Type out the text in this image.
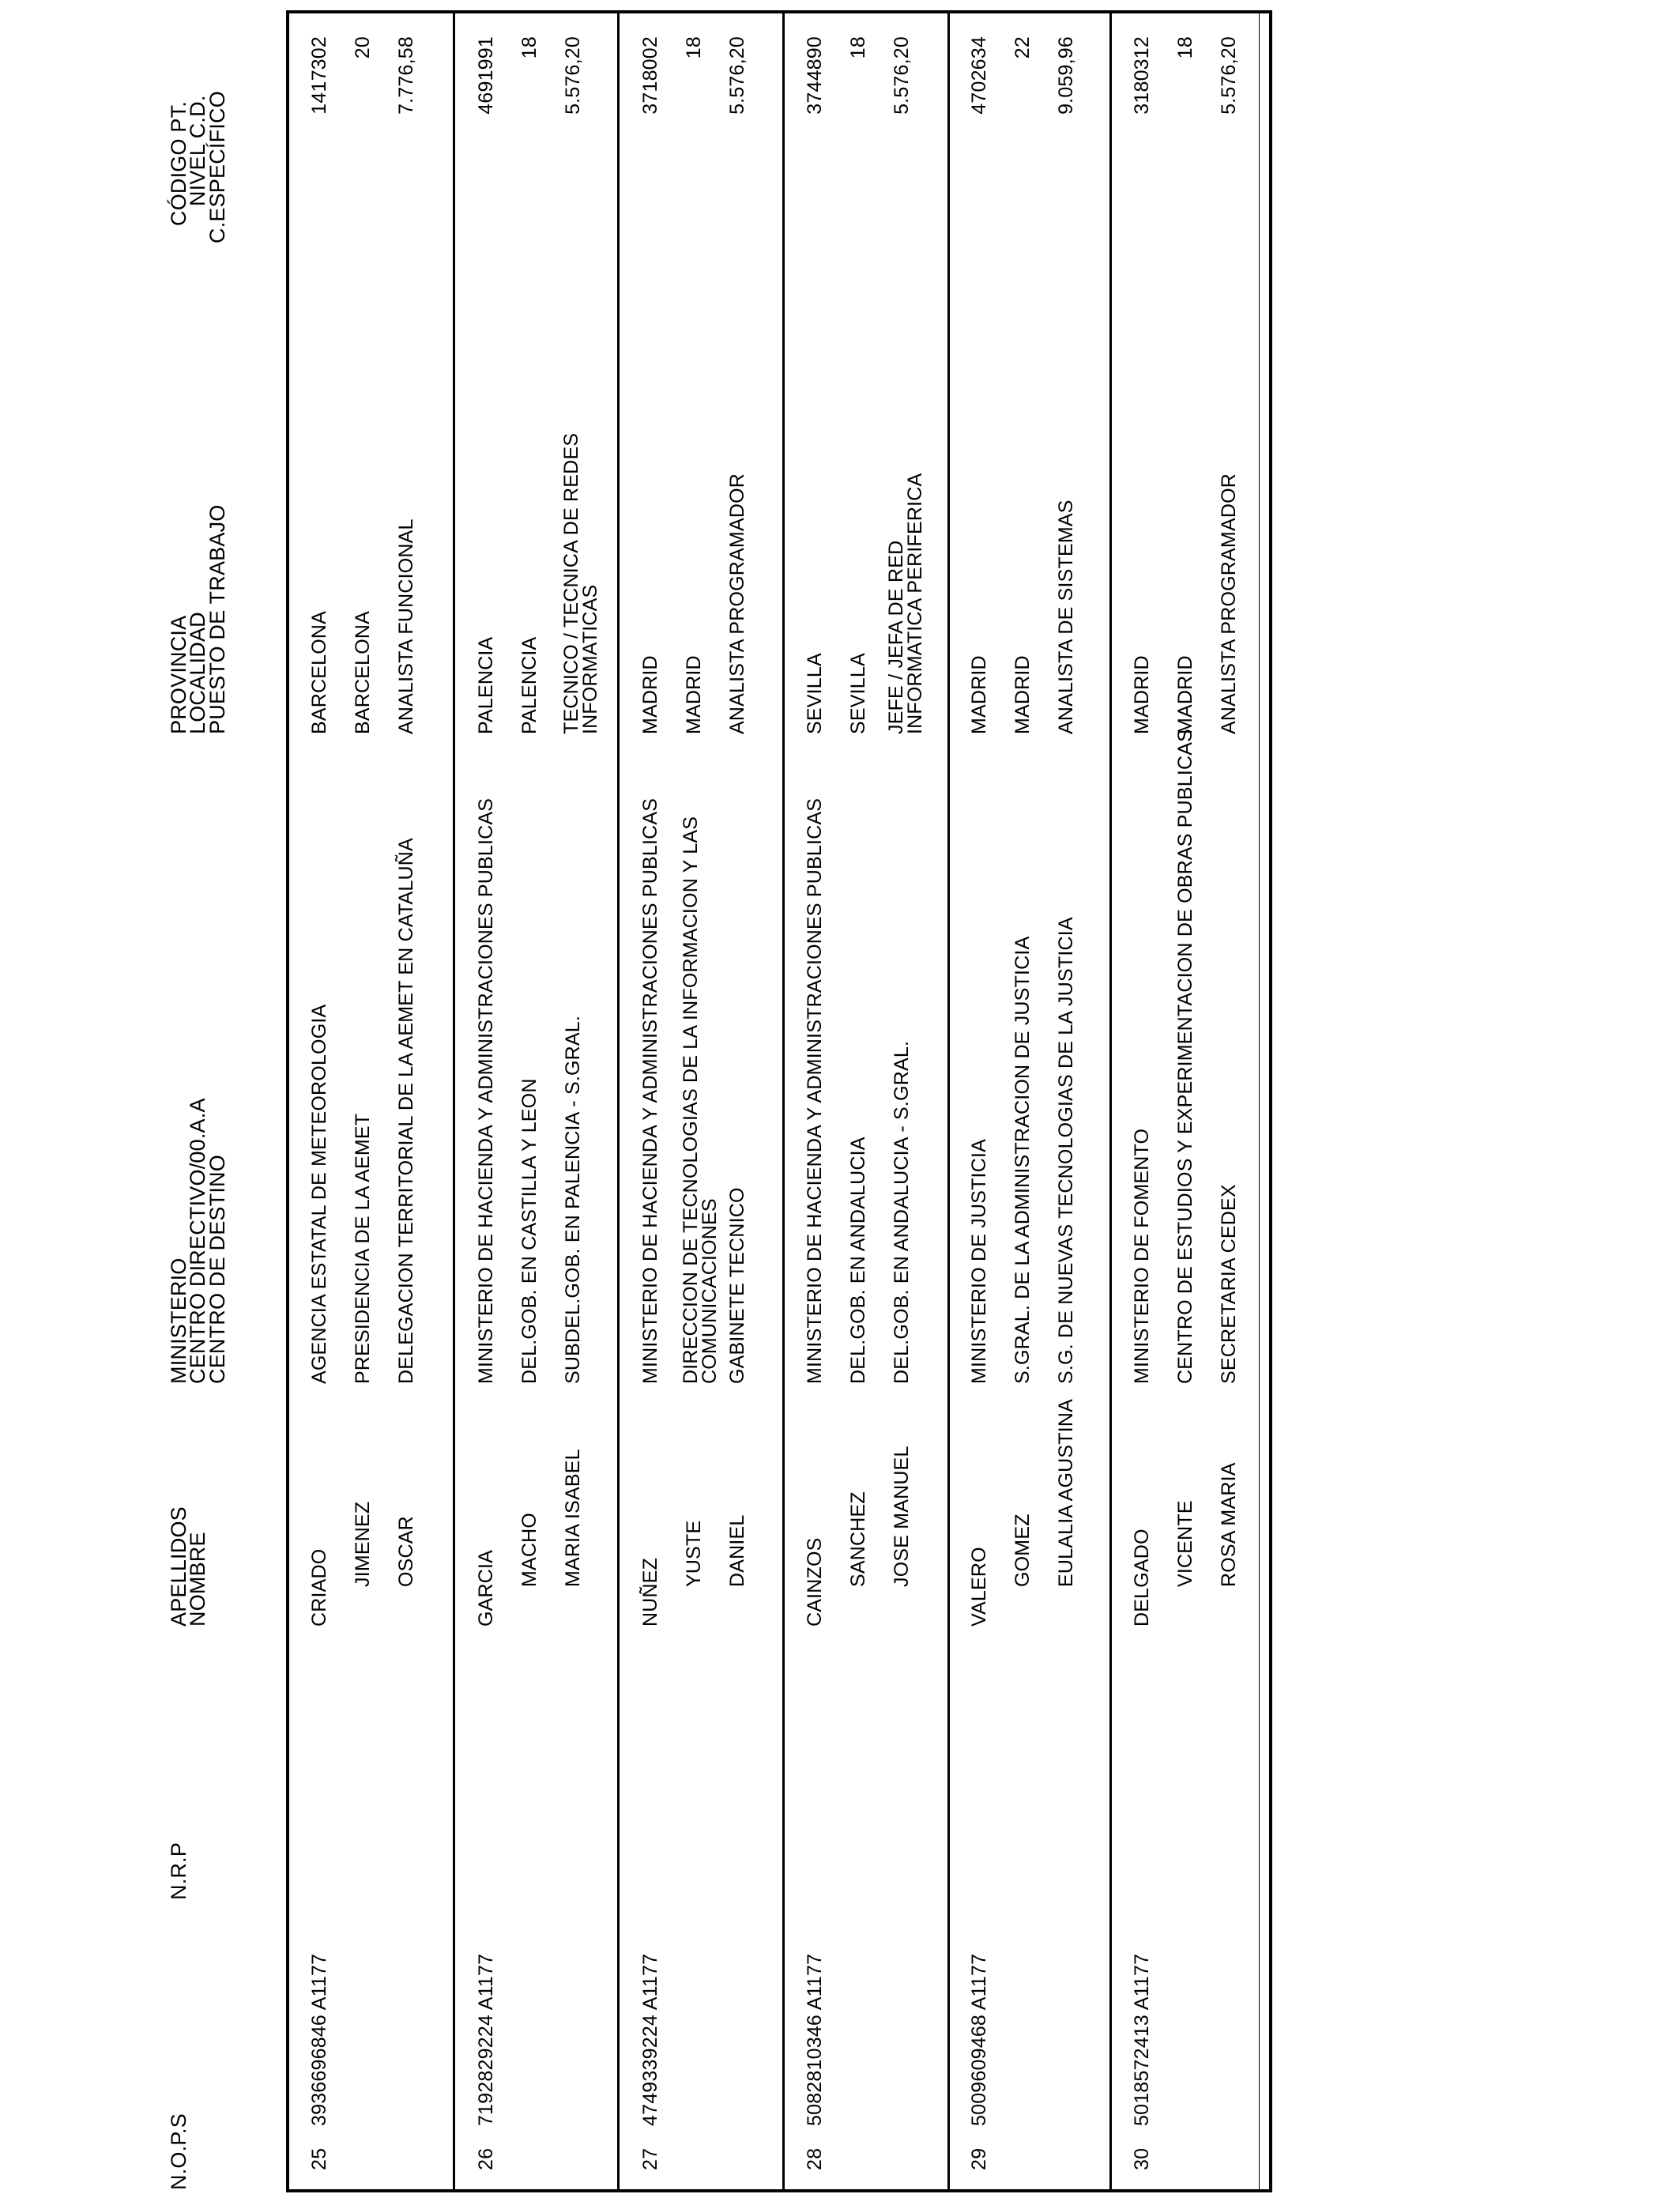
N.O.P.S
N.R.P
APELLIDOS
NOMBRE
MINISTERIO
CENTRO DIRECTIVO/00.A.A
CENTRO DE DESTINO
PROVINCIA
LOCALIDAD
PUESTO DE TRABAJO
CÓDIGO PT.
NIVEL C.D.
C.ESPECÍFICO
25
3936696846 A1177
CRIADO
JIMENEZ OSCAR
AGENCIA ESTATAL DE METEOROLOGIA PRESIDENCIA DE LA AEMET DELEGACION TERRITORIAL DE LA AEMET EN CATALUÑA
BARCELONA BARCELONA ANALISTA FUNCIONAL
1417302 20 7.776,58
26
7192829224 A1177
GARCIA MACHO MARIA ISABEL
MINISTERIO DE HACIENDA Y ADMINISTRACIONES PUBLICAS DEL.GOB. EN CASTILLA Y LEON SUBDEL.GOB. EN PALENCIA - S.GRAL.
PALENCIA PALENCIA TECNICO / TECNICA DE REDES
INFORMATICAS
4691991 18 5.576,20
27
4749339224 A1177
NUÑEZ
YUSTE DANIEL
MINISTERIO DE HACIENDA Y ADMINISTRACIONES PUBLICAS DIRECCION DE TECNOLOGIAS DE LA INFORMACION Y LAS
COMUNICACIONES GABINETE TECNICO
MADRID MADRID ANALISTA PROGRAMADOR
3718002 18 5.576,20
28
5082810346 A1177
CAINZOS SANCHEZ JOSE MANUEL
MINISTERIO DE HACIENDA Y ADMINISTRACIONES PUBLICAS DEL.GOB. EN ANDALUCIA DEL.GOB. EN ANDALUCIA - S.GRAL.
SEVILLA SEVILLA JEFE / JEFA DE RED
INFORMATICA PERIFERICA
3744890 18 5.576,20
29
5009609468 A1177
VALERO GOMEZ EULALIA AGUSTINA
MINISTERIO DE JUSTICIA S.GRAL. DE LA ADMINISTRACION DE JUSTICIA S.G. DE NUEVAS TECNOLOGIAS DE LA JUSTICIA
MADRID MADRID ANALISTA DE SISTEMAS
4702634 22 9.059,96
30
5018572413 A1177
DELGADO VICENTE ROSA MARIA
MINISTERIO DE FOMENTO CENTRO DE ESTUDIOS Y EXPERIMENTACION DE OBRAS PUBLICAS SECRETARIA CEDEX
MADRID MADRID ANALISTA PROGRAMADOR
3180312 18 5.576,20
